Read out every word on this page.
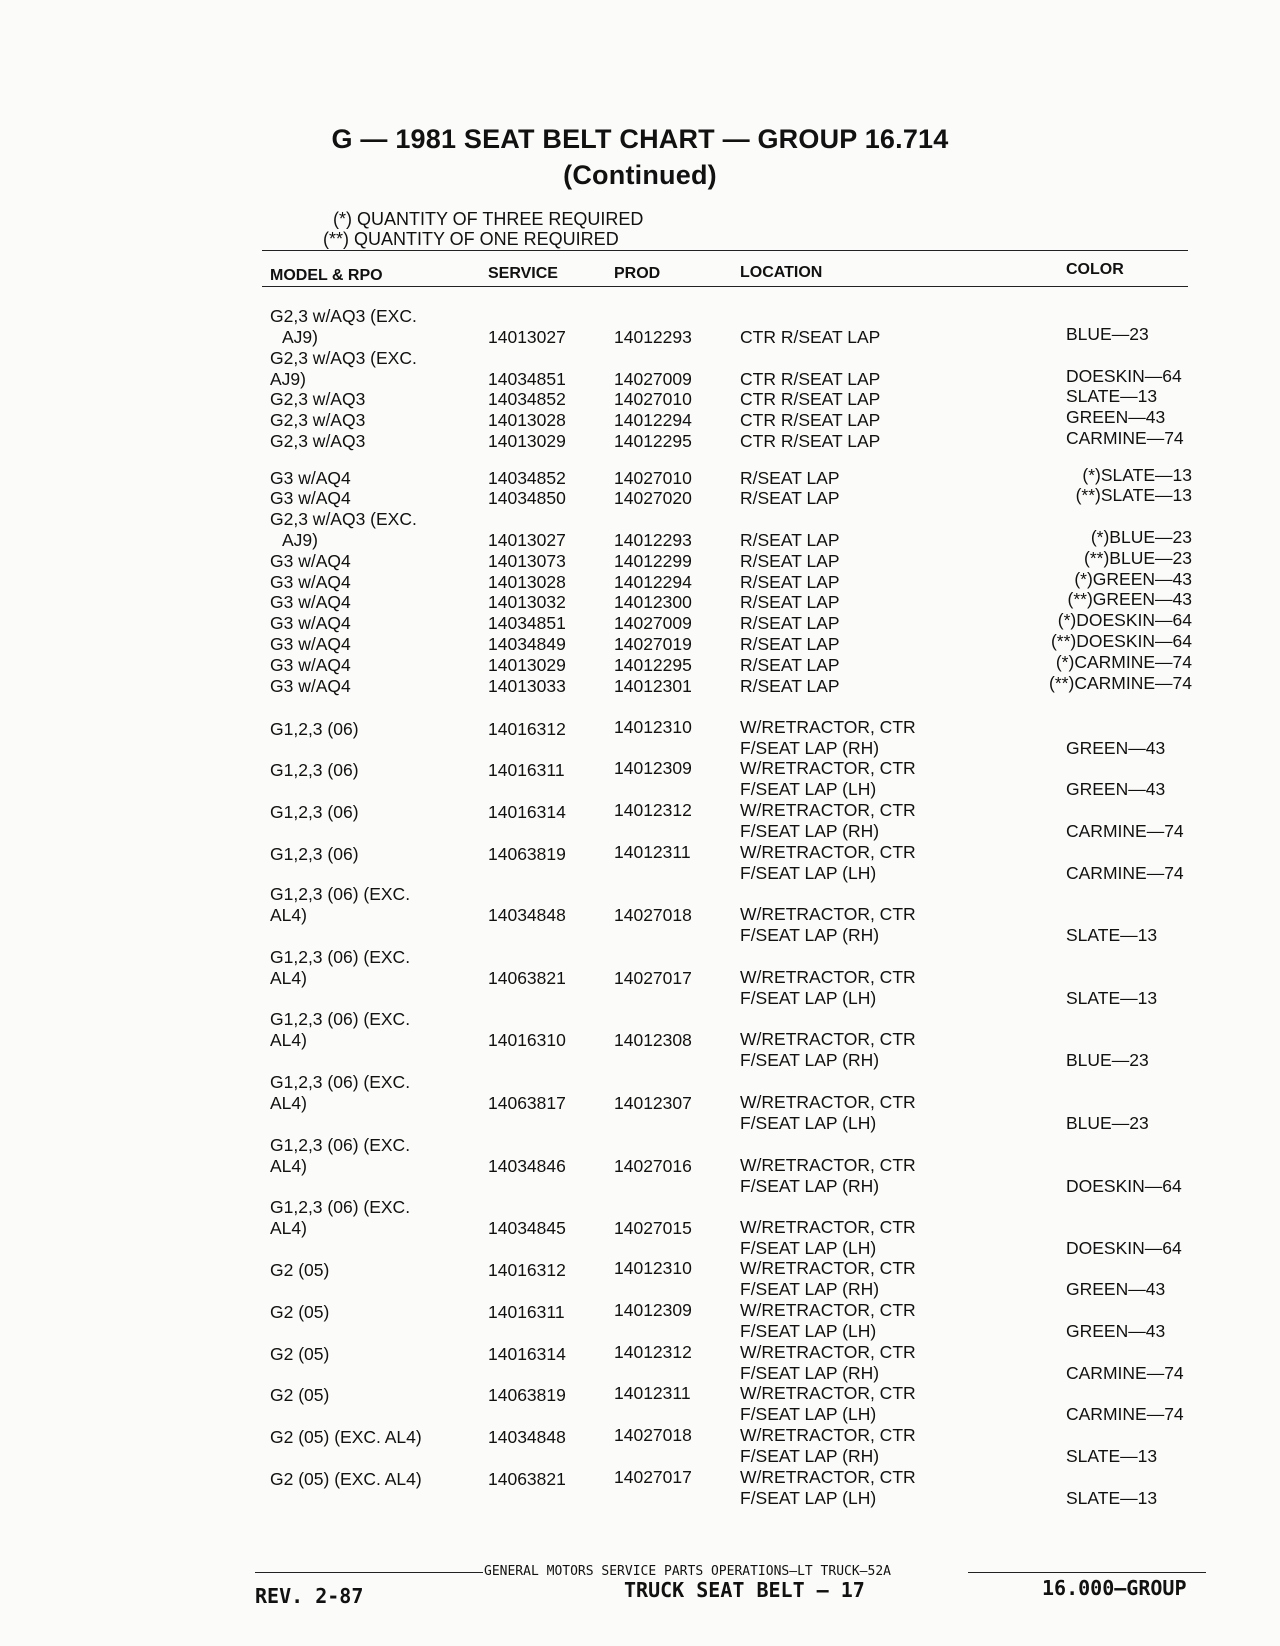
G — 1981 SEAT BELT CHART — GROUP 16.714
(Continued)
(*) QUANTITY OF THREE REQUIRED
(**) QUANTITY OF ONE REQUIRED
MODEL & RPO	SERVICE	PROD	LOCATION	COLOR
G2,3 w/AQ3 (EXC.
AJ9)	14013027	14012293	CTR R/SEAT LAP	BLUE—23
G2,3 w/AQ3 (EXC.
AJ9)	14034851	14027009	CTR R/SEAT LAP	DOESKIN—64
G2,3 w/AQ3	14034852	14027010	CTR R/SEAT LAP	SLATE—13
G2,3 w/AQ3	14013028	14012294	CTR R/SEAT LAP	GREEN—43
G2,3 w/AQ3	14013029	14012295	CTR R/SEAT LAP	CARMINE—74
G3 w/AQ4	14034852	14027010	R/SEAT LAP	(*)SLATE—13
G3 w/AQ4	14034850	14027020	R/SEAT LAP	(**)SLATE—13
G2,3 w/AQ3 (EXC.
AJ9)	14013027	14012293	R/SEAT LAP	(*)BLUE—23
G3 w/AQ4	14013073	14012299	R/SEAT LAP	(**)BLUE—23
G3 w/AQ4	14013028	14012294	R/SEAT LAP	(*)GREEN—43
G3 w/AQ4	14013032	14012300	R/SEAT LAP	(**)GREEN—43
G3 w/AQ4	14034851	14027009	R/SEAT LAP	(*)DOESKIN—64
G3 w/AQ4	14034849	14027019	R/SEAT LAP	(**)DOESKIN—64
G3 w/AQ4	14013029	14012295	R/SEAT LAP	(*)CARMINE—74
G3 w/AQ4	14013033	14012301	R/SEAT LAP	(**)CARMINE—74
G1,2,3 (06)	14016312	14012310	W/RETRACTOR, CTR
F/SEAT LAP (RH)	GREEN—43
G1,2,3 (06)	14016311	14012309	W/RETRACTOR, CTR
F/SEAT LAP (LH)	GREEN—43
G1,2,3 (06)	14016314	14012312	W/RETRACTOR, CTR
F/SEAT LAP (RH)	CARMINE—74
G1,2,3 (06)	14063819	14012311	W/RETRACTOR, CTR
F/SEAT LAP (LH)	CARMINE—74
G1,2,3 (06) (EXC.
AL4)	14034848	14027018	W/RETRACTOR, CTR
F/SEAT LAP (RH)	SLATE—13
G1,2,3 (06) (EXC.
AL4)	14063821	14027017	W/RETRACTOR, CTR
F/SEAT LAP (LH)	SLATE—13
G1,2,3 (06) (EXC.
AL4)	14016310	14012308	W/RETRACTOR, CTR
F/SEAT LAP (RH)	BLUE—23
G1,2,3 (06) (EXC.
AL4)	14063817	14012307	W/RETRACTOR, CTR
F/SEAT LAP (LH)	BLUE—23
G1,2,3 (06) (EXC.
AL4)	14034846	14027016	W/RETRACTOR, CTR
F/SEAT LAP (RH)	DOESKIN—64
G1,2,3 (06) (EXC.
AL4)	14034845	14027015	W/RETRACTOR, CTR
F/SEAT LAP (LH)	DOESKIN—64
G2 (05)	14016312	14012310	W/RETRACTOR, CTR
F/SEAT LAP (RH)	GREEN—43
G2 (05)	14016311	14012309	W/RETRACTOR, CTR
F/SEAT LAP (LH)	GREEN—43
G2 (05)	14016314	14012312	W/RETRACTOR, CTR
F/SEAT LAP (RH)	CARMINE—74
G2 (05)	14063819	14012311	W/RETRACTOR, CTR
F/SEAT LAP (LH)	CARMINE—74
G2 (05) (EXC. AL4)	14034848	14027018	W/RETRACTOR, CTR
F/SEAT LAP (RH)	SLATE—13
G2 (05) (EXC. AL4)	14063821	14027017	W/RETRACTOR, CTR
F/SEAT LAP (LH)	SLATE—13
GENERAL MOTORS SERVICE PARTS OPERATIONS—LT TRUCK—52A
REV. 2-87	TRUCK SEAT BELT – 17	16.000—GROUP
